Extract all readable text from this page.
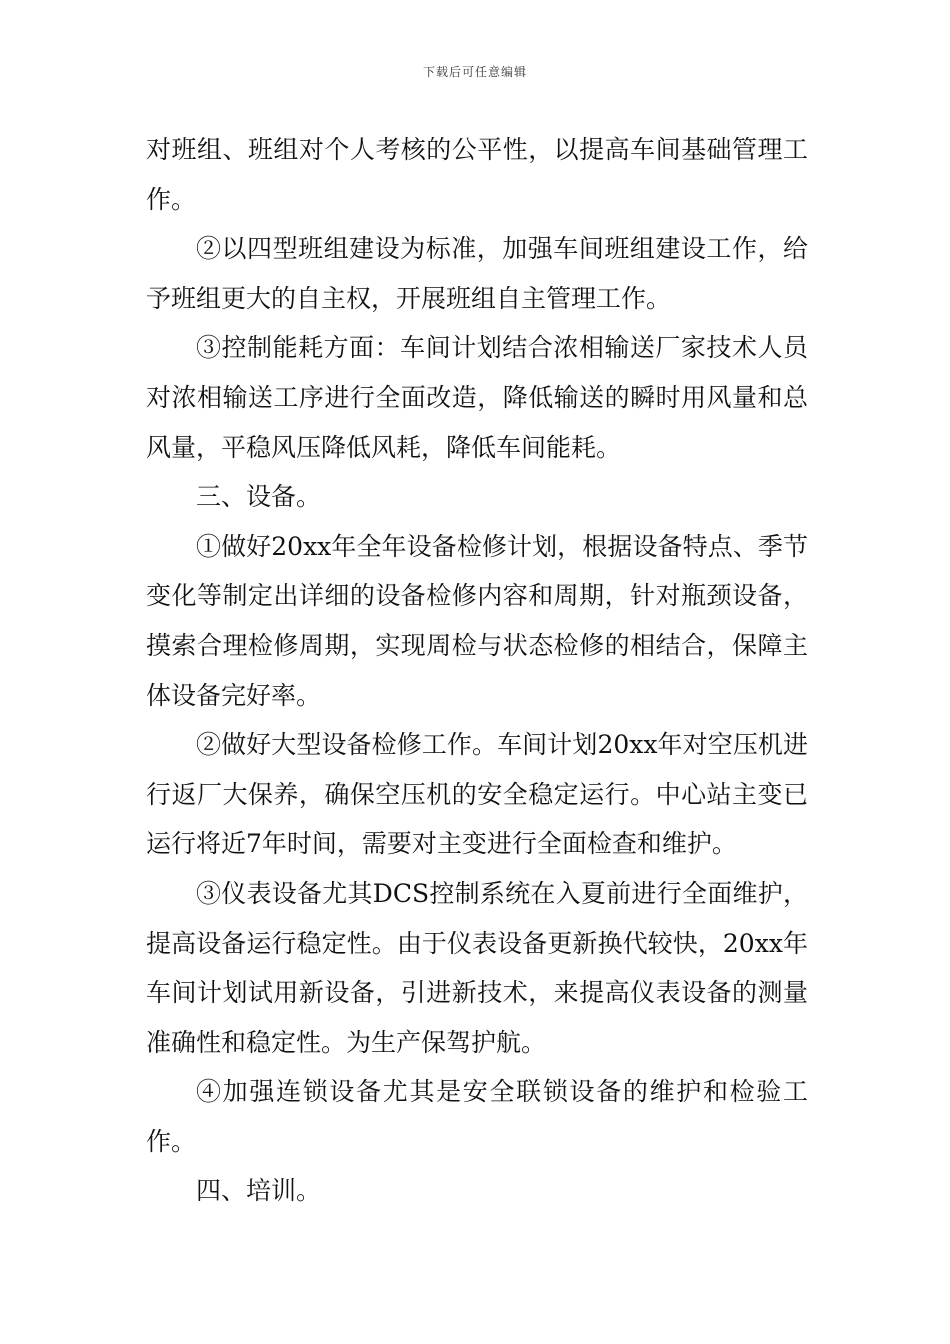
下载后可任意编辑

对班组、班组对个人考核的公平性，以提高车间基础管理工作。

②以四型班组建设为标准，加强车间班组建设工作，给予班组更大的自主权，开展班组自主管理工作。

③控制能耗方面：车间计划结合浓相输送厂家技术人员对浓相输送工序进行全面改造，降低输送的瞬时用风量和总风量，平稳风压降低风耗，降低车间能耗。

三、设备。

①做好20xx年全年设备检修计划，根据设备特点、季节变化等制定出详细的设备检修内容和周期，针对瓶颈设备，摸索合理检修周期，实现周检与状态检修的相结合，保障主体设备完好率。

②做好大型设备检修工作。车间计划20xx年对空压机进行返厂大保养，确保空压机的安全稳定运行。中心站主变已运行将近7年时间，需要对主变进行全面检查和维护。

③仪表设备尤其DCS控制系统在入夏前进行全面维护，提高设备运行稳定性。由于仪表设备更新换代较快，20xx年车间计划试用新设备，引进新技术，来提高仪表设备的测量准确性和稳定性。为生产保驾护航。

④加强连锁设备尤其是安全联锁设备的维护和检验工作。

四、培训。
